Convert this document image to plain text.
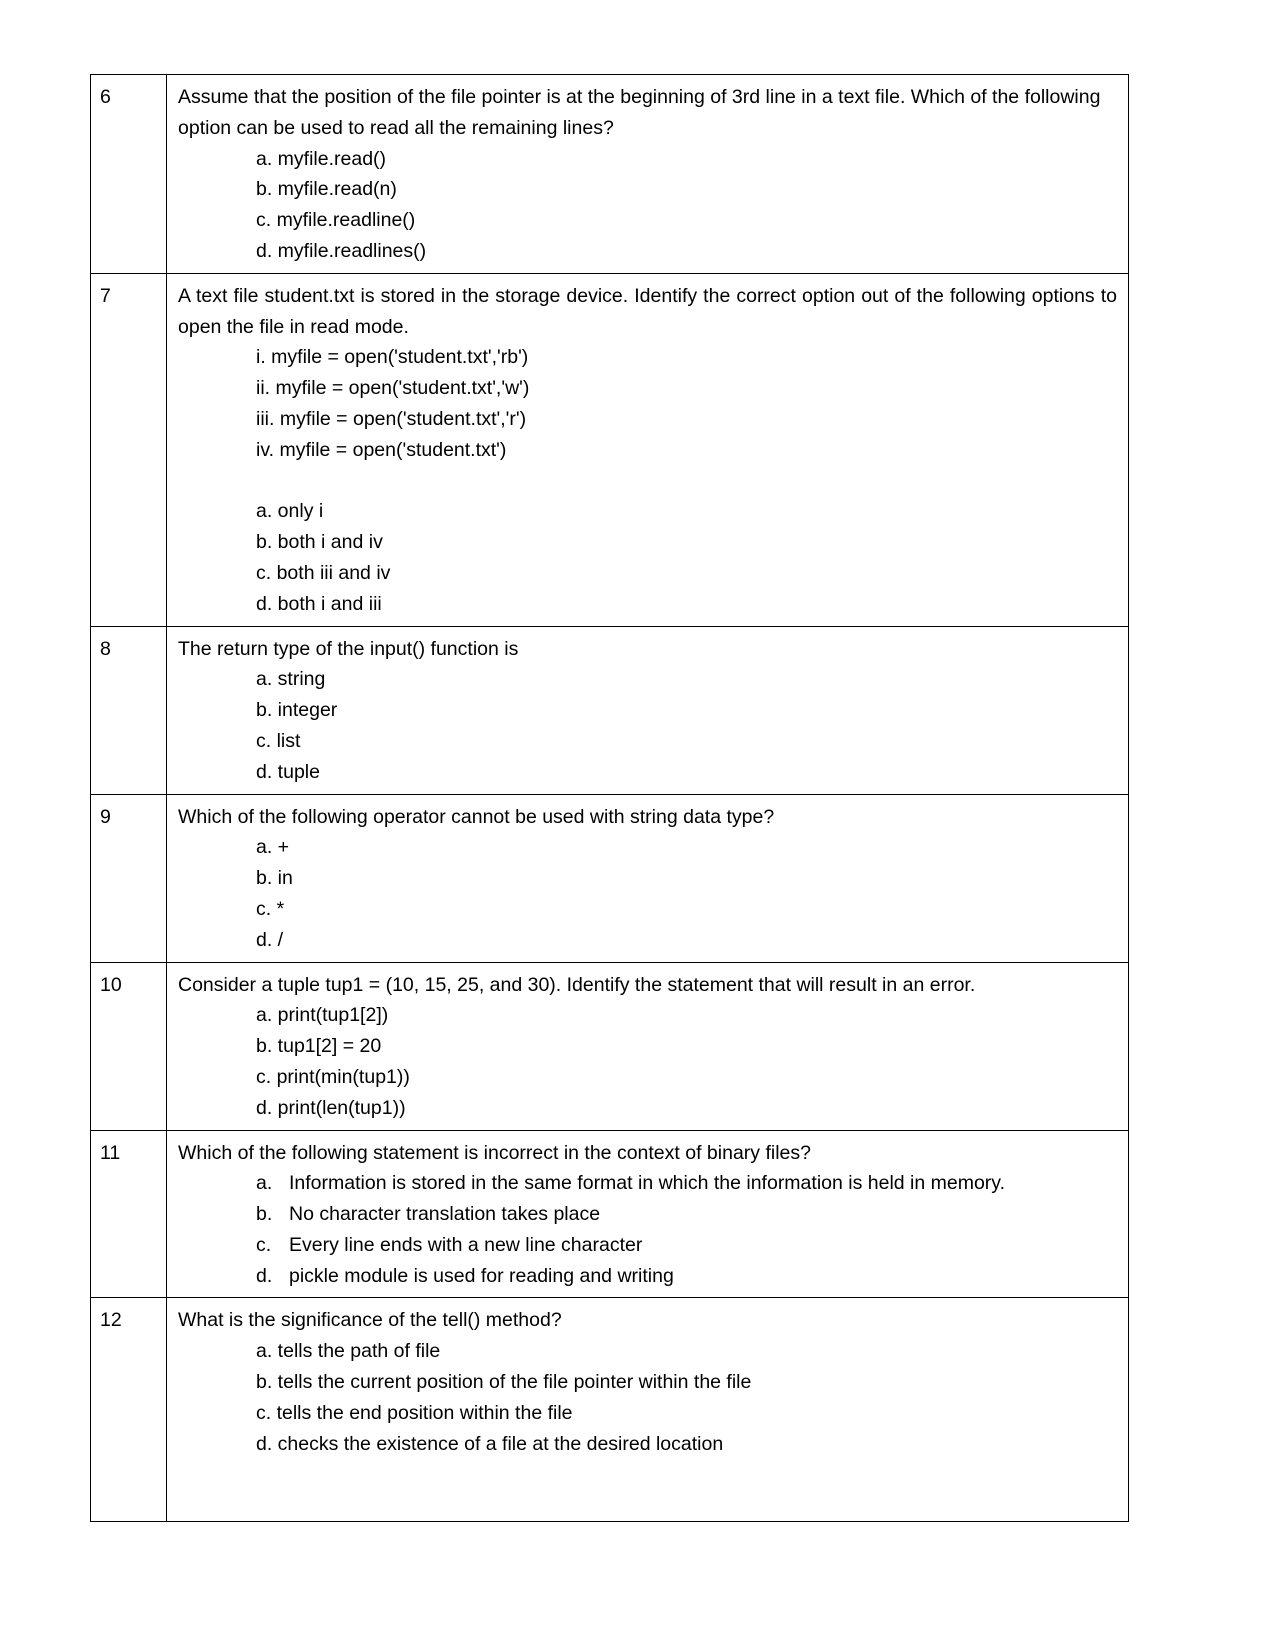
6	Assume that the position of the file pointer is at the beginning of 3rd line in a text file. Which of the following option can be used to read all the remaining lines?

a. myfile.read()
b. myfile.read(n)
c. myfile.readline()
d. myfile.readlines()

7	A text file student.txt is stored in the storage device. Identify the correct option out of the following options to open the file in read mode.

i. myfile = open('student.txt','rb')
ii. myfile = open('student.txt','w')
iii. myfile = open('student.txt','r')
iv. myfile = open('student.txt')
a. only i
b. both i and iv
c. both iii and iv
d. both i and iii

8	The return type of the input() function is

a. string
b. integer
c. list
d. tuple

9	Which of the following operator cannot be used with string data type?

a. +
b. in
c. *
d. /

10	Consider a tuple tup1 = (10, 15, 25, and 30). Identify the statement that will result in an error.

a. print(tup1[2])
b. tup1[2] = 20
c. print(min(tup1))
d. print(len(tup1))

11	Which of the following statement is incorrect in the context of binary files?

a. Information is stored in the same format in which the information is held in memory.
b. No character translation takes place
c. Every line ends with a new line character
d. pickle module is used for reading and writing

12	What is the significance of the tell() method?

a. tells the path of file
b. tells the current position of the file pointer within the file
c. tells the end position within the file
d. checks the existence of a file at the desired location
